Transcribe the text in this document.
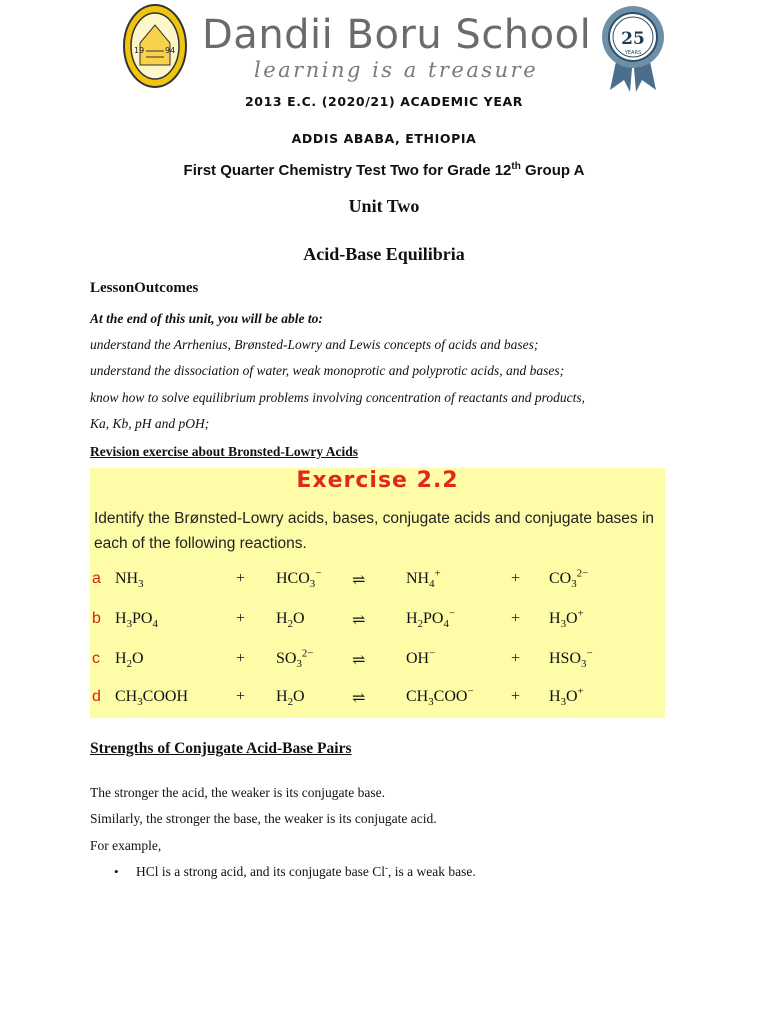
19	94 Dandii Boru School
learning is a treasure
25
YEARS
2013 E.C. (2020/21) ACADEMIC YEAR
ADDIS ABABA, ETHIOPIA
First Quarter Chemistry Test Two for Grade 12th Group A
Unit Two
Acid-Base Equilibria
LessonOutcomes
At the end of this unit, you will be able to:
understand the Arrhenius, Brønsted-Lowry and Lewis concepts of acids and bases;
understand the dissociation of water, weak monoprotic and polyprotic acids, and bases;
know how to solve equilibrium problems involving concentration of reactants and products,
Ka, Kb, pH and pOH;
Revision exercise about Bronsted-Lowry Acids
Exercise 2.2
Identify the Brønsted-Lowry acids, bases, conjugate acids and conjugate bases in each of the following reactions.
a $NH_3$	+ $HCO_3^-$ ⇌	$NH_4^+$	+ $CO_3^{2-}$
b $H_3PO_4$	+ $H_2O$	⇌	$H_2PO_4^-$	+ $H_3O^+$
c $H_2O$	+ $SO_3^{2-}$ ⇌	OH−	+ $HSO_3^-$
d $CH_3COOH$	+ $H_2O$	⇌	$CH_3COO^- + H_3O^+$
Strengths of Conjugate Acid-Base Pairs
The stronger the acid, the weaker is its conjugate base.
Similarly, the stronger the base, the weaker is its conjugate acid.
For example,
• HCl is a strong acid, and its conjugate base Cl-, is a weak base.
